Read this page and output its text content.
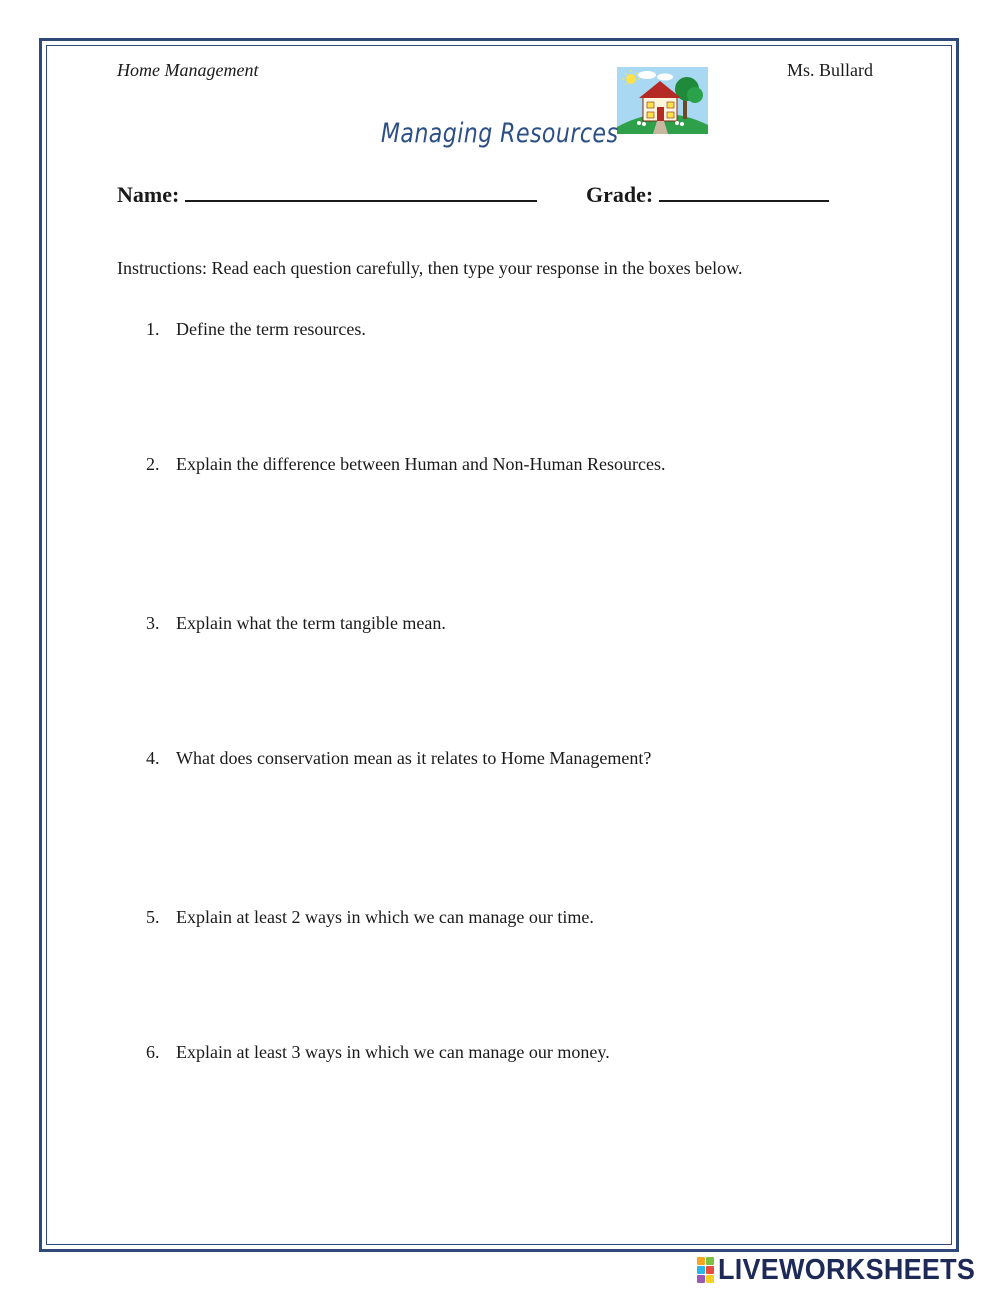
Home Management	Ms. Bullard
Managing Resources
Name:	Grade:
Instructions: Read each question carefully, then type your response in the boxes below.
1. Define the term resources.
2. Explain the difference between Human and Non-Human Resources.
3. Explain what the term tangible mean.
4. What does conservation mean as it relates to Home Management?
5. Explain at least 2 ways in which we can manage our time.
6. Explain at least 3 ways in which we can manage our money.
LIVEWORKSHEETS
